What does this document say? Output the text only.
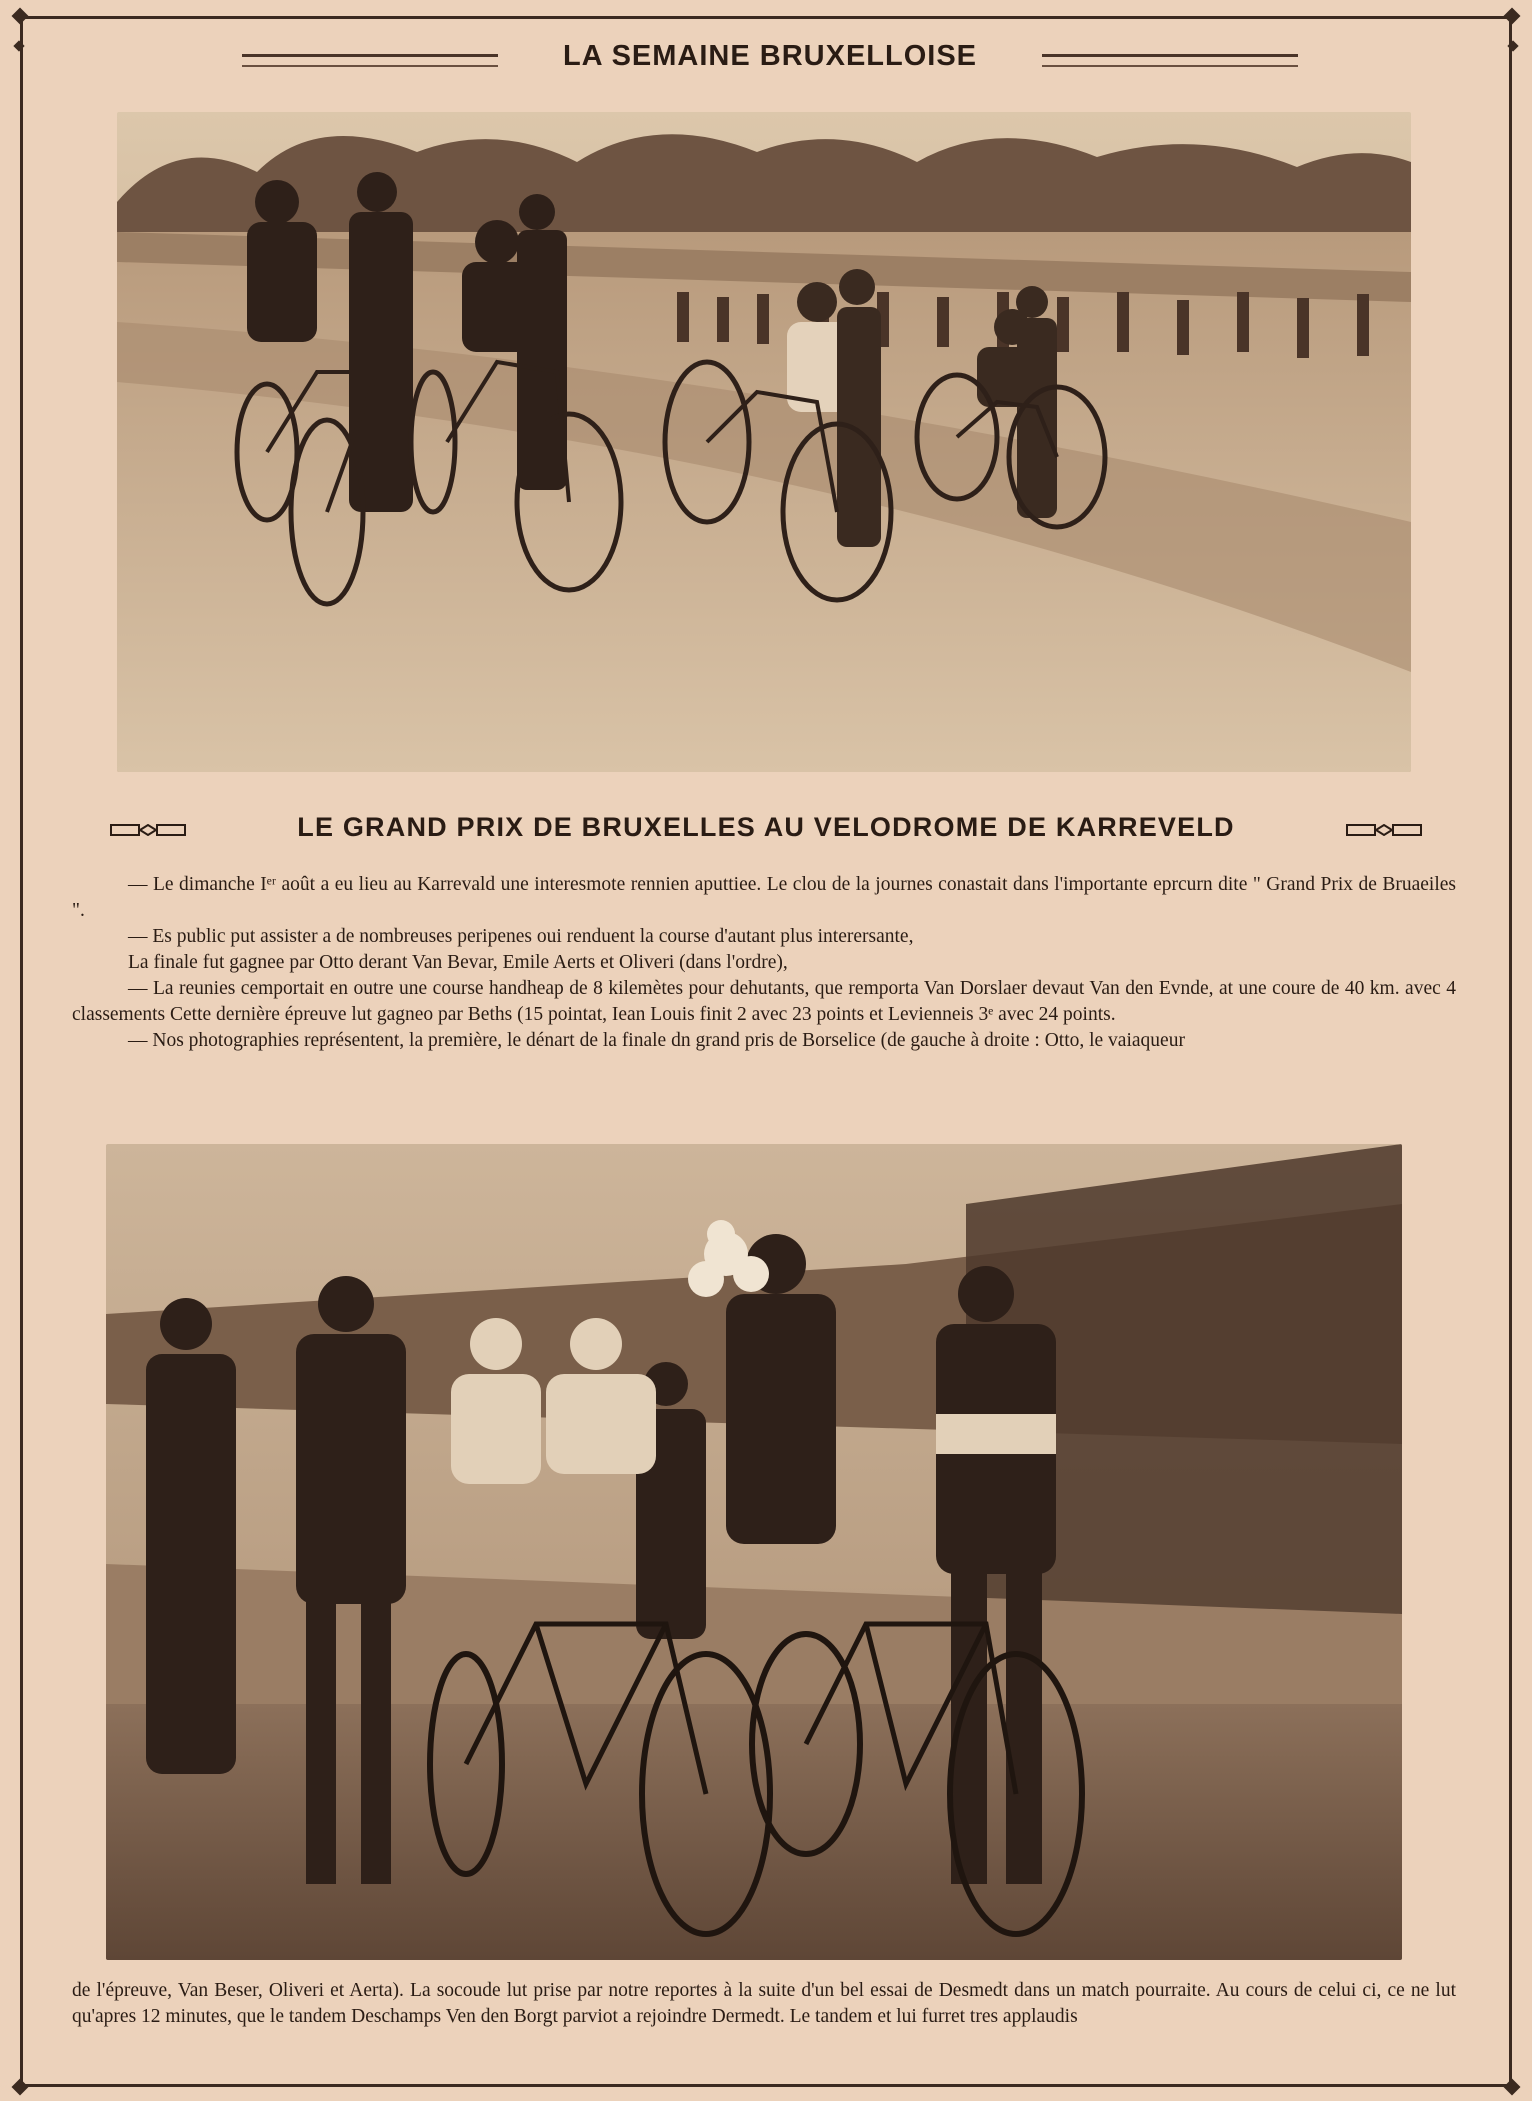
LA SEMAINE BRUXELLOISE
LE GRAND PRIX DE BRUXELLES AU VELODROME DE KARREVELD

— Le dimanche Iᵉʳ août a eu lieu au Karrevald une interesmote rennien aputtiee. Le clou de la journes conastait dans l'importante eprcurn dite " Grand Prix de Bruaeiles ".

— Es public put assister a de nombreuses peripenes oui renduent la course d'autant plus interersante,

La finale fut gagnee par Otto derant Van Bevar, Emile Aerts et Oliveri (dans l'ordre),

— La reunies cemportait en outre une course handheap de 8 kilemètes pour dehutants, que remporta Van Dorslaer devaut Van den Evnde, at une coure de 40 km. avec 4 classements Cette dernière épreuve lut gagneo par Beths (15 pointat, Iean Louis finit 2 avec 23 points et Levienneis 3ᵉ avec 24 points.

— Nos photographies représentent, la première, le dénart de la finale dn grand pris de Borselice (de gauche à droite : Otto, le vaiaqueur

de l'épreuve, Van Beser, Oliveri et Aerta). La socoude lut prise par notre reportes à la suite d'un bel essai de Desmedt dans un match pourraite. Au cours de celui ci, ce ne lut qu'apres 12 minutes, que le tandem Deschamps Ven den Borgt parviot a rejoindre Dermedt. Le tandem et lui furret tres applaudis
